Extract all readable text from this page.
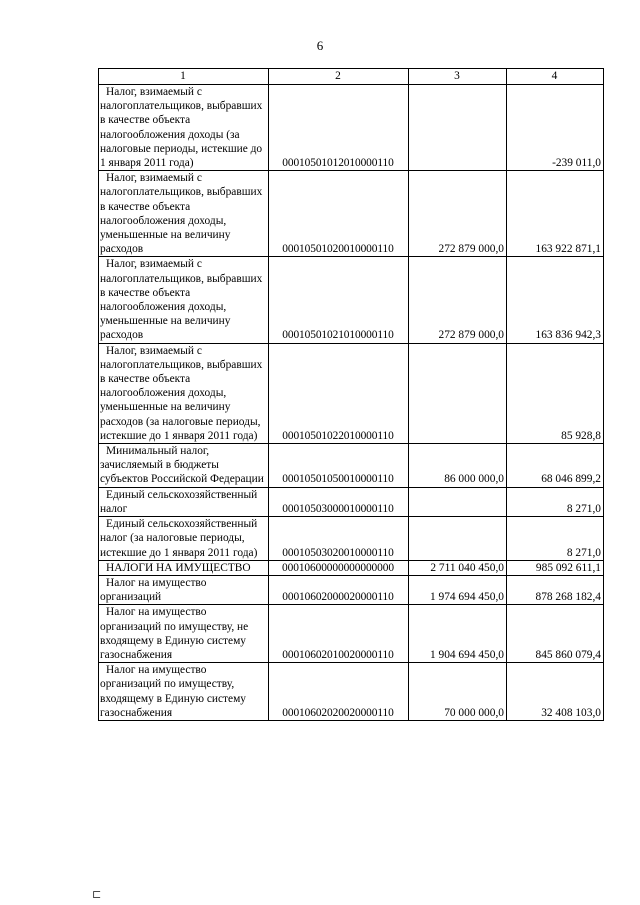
6
1	2	3	4
Налог, взимаемый с налогоплательщиков, выбравших в качестве объекта налогообложения доходы (за налоговые периоды, истекшие до 1 января 2011 года)	00010501012010000110		-239 011,0
Налог, взимаемый с налогоплательщиков, выбравших в качестве объекта налогообложения доходы, уменьшенные на величину расходов	00010501020010000110	272 879 000,0	163 922 871,1
Налог, взимаемый с налогоплательщиков, выбравших в качестве объекта налогообложения доходы, уменьшенные на величину расходов	00010501021010000110	272 879 000,0	163 836 942,3
Налог, взимаемый с налогоплательщиков, выбравших в качестве объекта налогообложения доходы, уменьшенные на величину расходов (за налоговые периоды, истекшие до 1 января 2011 года)	00010501022010000110		85 928,8
Минимальный налог, зачисляемый в бюджеты субъектов Российской Федерации	00010501050010000110	86 000 000,0	68 046 899,2
Единый сельскохозяйственный налог	00010503000010000110		8 271,0
Единый сельскохозяйственный налог (за налоговые периоды, истекшие до 1 января 2011 года)	00010503020010000110		8 271,0
НАЛОГИ НА ИМУЩЕСТВО	00010600000000000000	2 711 040 450,0	985 092 611,1
Налог на имущество организаций	00010602000020000110	1 974 694 450,0	878 268 182,4
Налог на имущество организаций по имуществу, не входящему в Единую систему газоснабжения	00010602010020000110	1 904 694 450,0	845 860 079,4
Налог на имущество организаций по имуществу, входящему в Единую систему газоснабжения	00010602020020000110	70 000 000,0	32 408 103,0
⊏
